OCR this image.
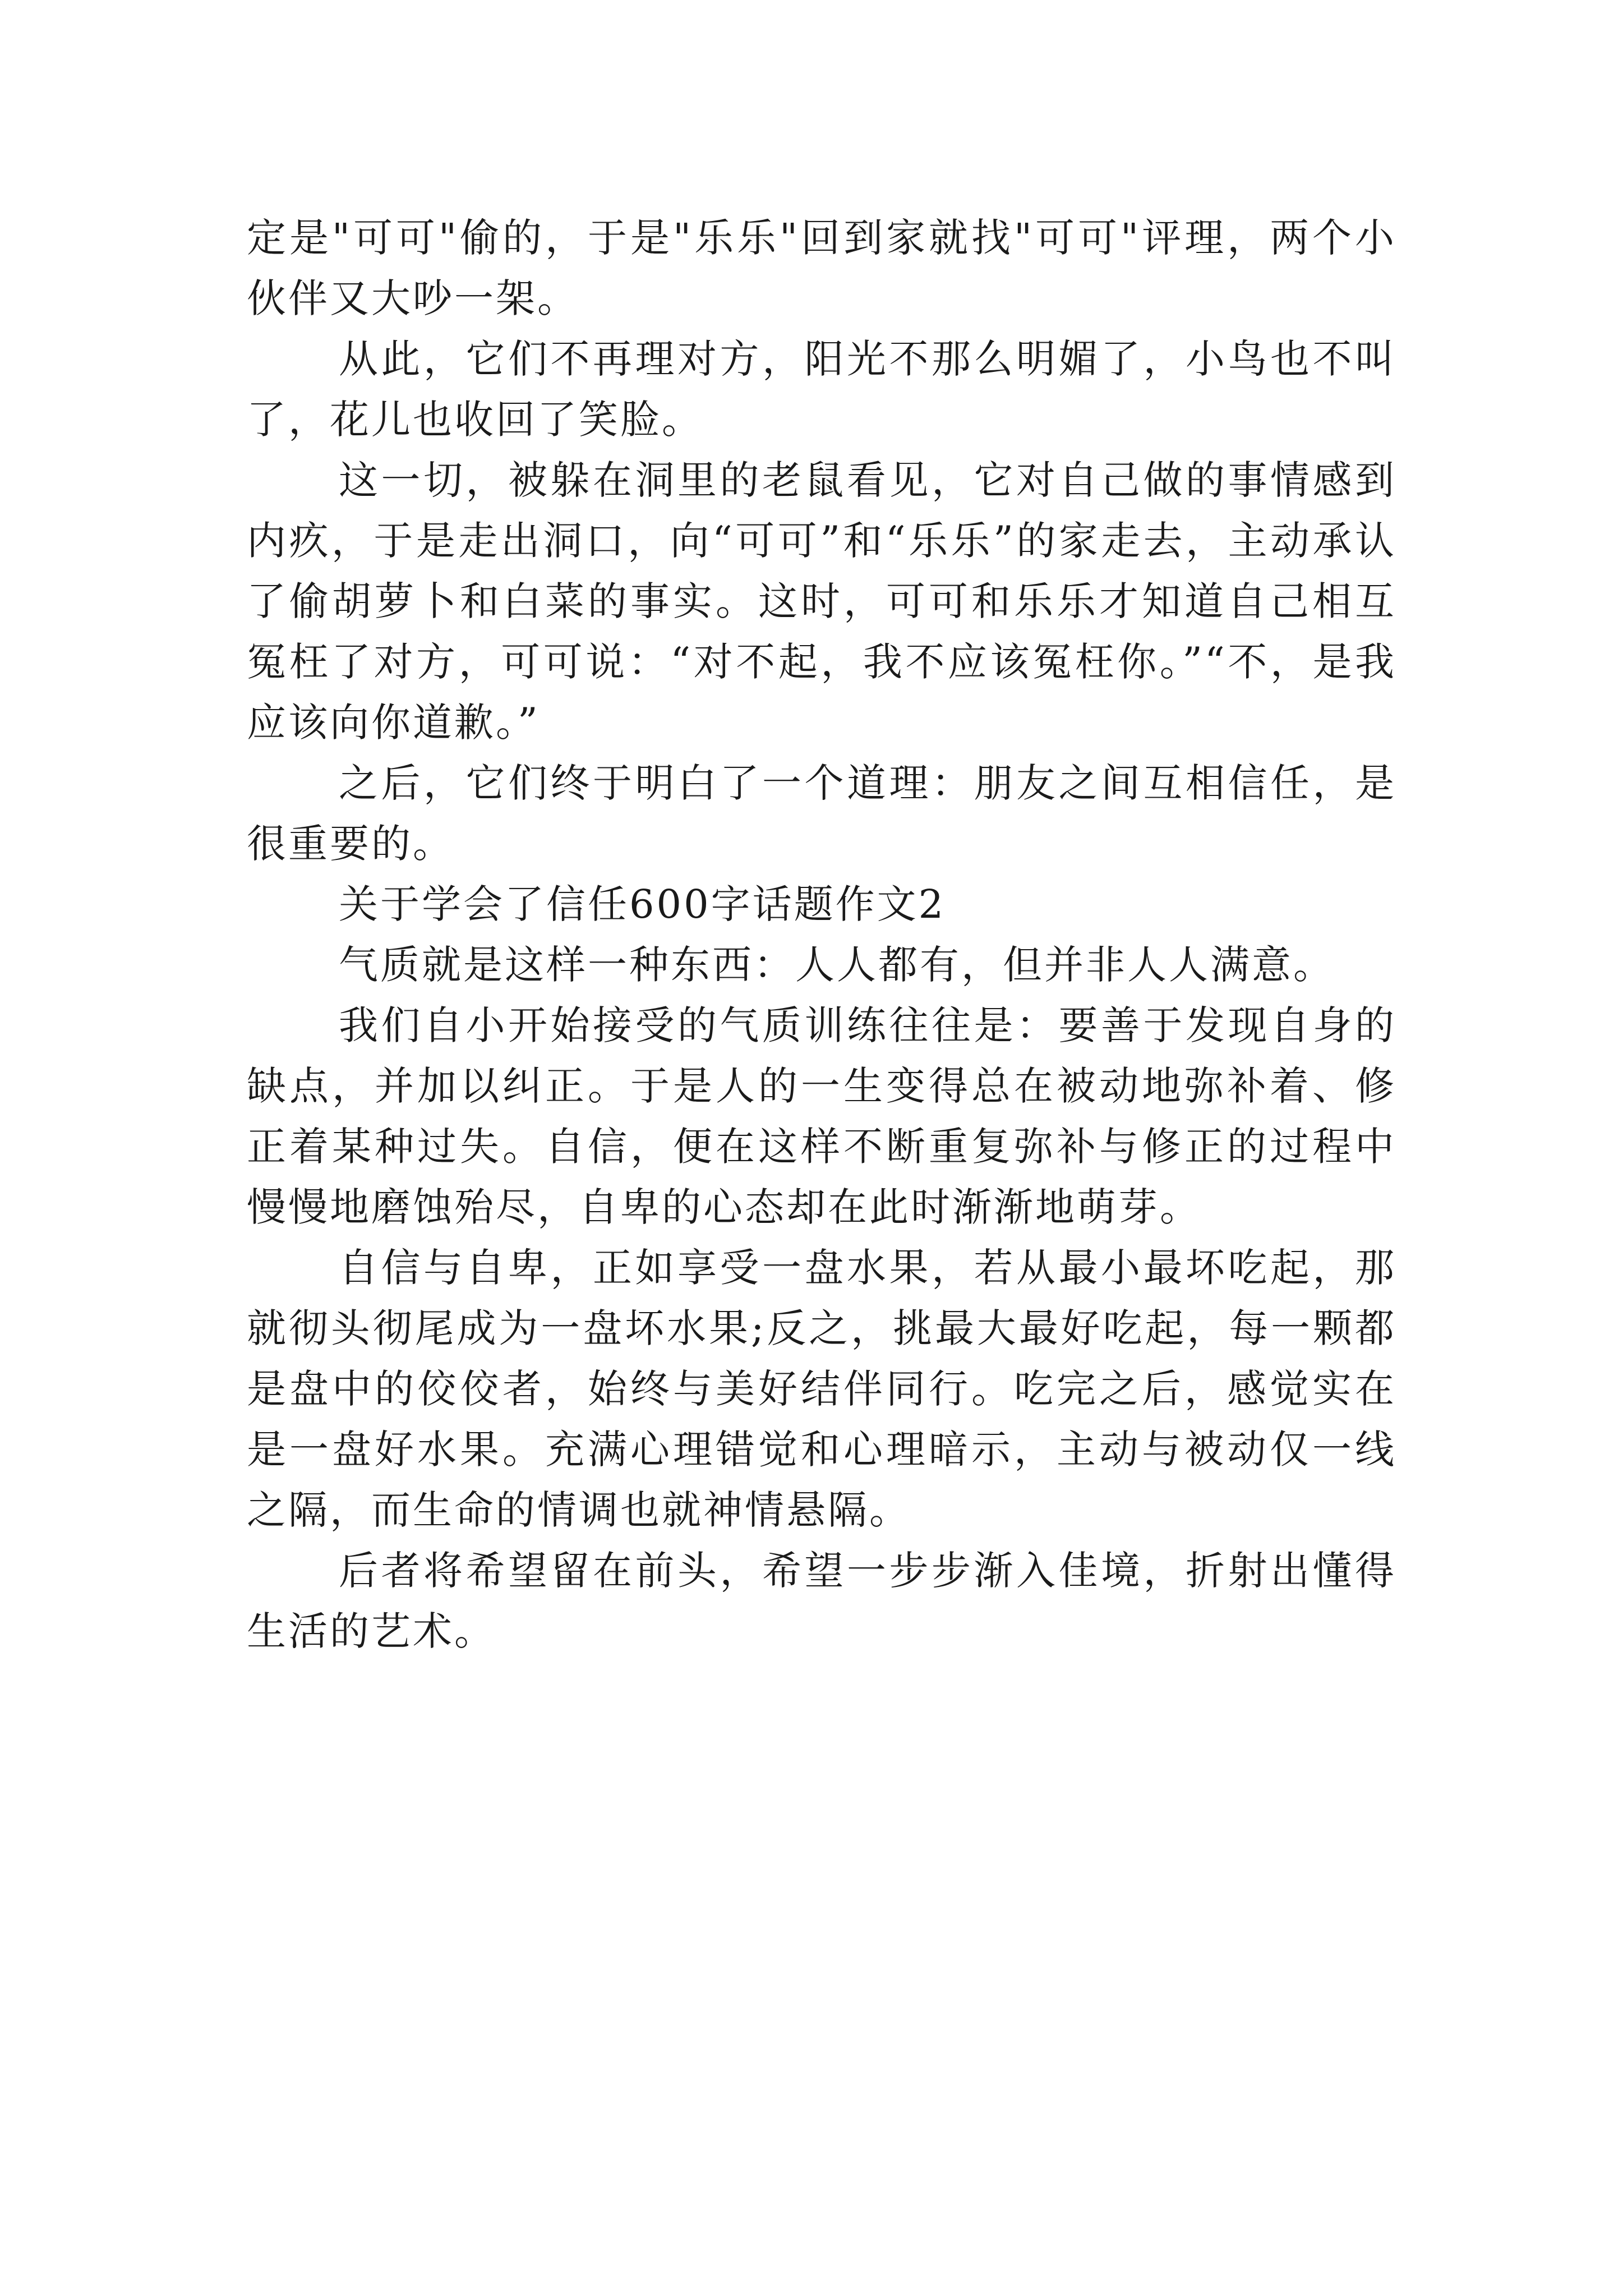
定是"可可"偷的，于是"乐乐"回到家就找"可可"评理，两个小伙伴又大吵一架。

从此，它们不再理对方，阳光不那么明媚了，小鸟也不叫了，花儿也收回了笑脸。

这一切，被躲在洞里的老鼠看见，它对自己做的事情感到内疚，于是走出洞口，向“可可”和“乐乐”的家走去，主动承认了偷胡萝卜和白菜的事实。这时，可可和乐乐才知道自己相互冤枉了对方，可可说：“对不起，我不应该冤枉你。”“不，是我应该向你道歉。”

之后，它们终于明白了一个道理：朋友之间互相信任，是很重要的。

关于学会了信任600字话题作文2

气质就是这样一种东西：人人都有，但并非人人满意。

我们自小开始接受的气质训练往往是：要善于发现自身的缺点，并加以纠正。于是人的一生变得总在被动地弥补着、修正着某种过失。自信，便在这样不断重复弥补与修正的过程中慢慢地磨蚀殆尽，自卑的心态却在此时渐渐地萌芽。

自信与自卑，正如享受一盘水果，若从最小最坏吃起，那就彻头彻尾成为一盘坏水果;反之，挑最大最好吃起，每一颗都是盘中的佼佼者，始终与美好结伴同行。吃完之后，感觉实在是一盘好水果。充满心理错觉和心理暗示，主动与被动仅一线之隔，而生命的情调也就神情悬隔。

后者将希望留在前头，希望一步步渐入佳境，折射出懂得生活的艺术。
